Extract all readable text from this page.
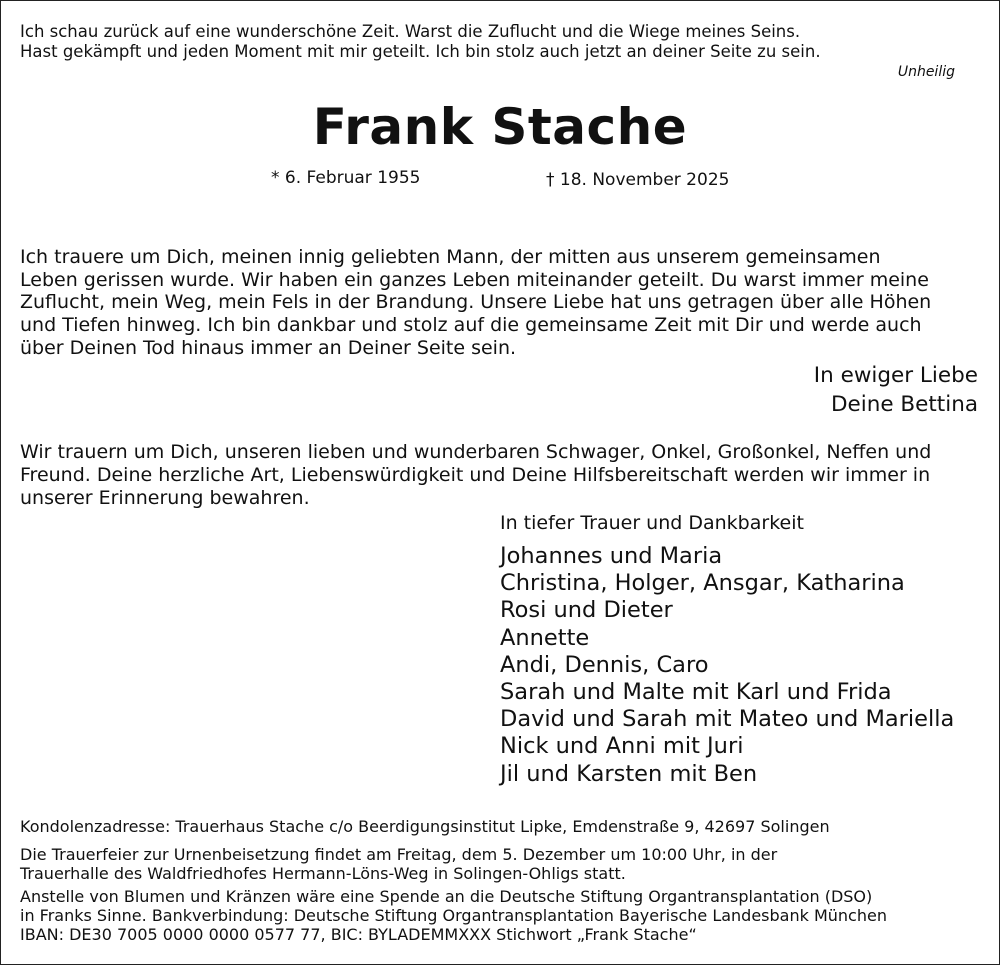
Ich schau zurück auf eine wunderschöne Zeit. Warst die Zuflucht und die Wiege meines Seins.
Hast gekämpft und jeden Moment mit mir geteilt. Ich bin stolz auch jetzt an deiner Seite zu sein.
Unheilig
Frank Stache
* 6. Februar 1955	† 18. November 2025
Ich trauere um Dich, meinen innig geliebten Mann, der mitten aus unserem gemeinsamen
Leben gerissen wurde. Wir haben ein ganzes Leben miteinander geteilt. Du warst immer meine
Zuflucht, mein Weg, mein Fels in der Brandung. Unsere Liebe hat uns getragen über alle Höhen
und Tiefen hinweg. Ich bin dankbar und stolz auf die gemeinsame Zeit mit Dir und werde auch
über Deinen Tod hinaus immer an Deiner Seite sein.
In ewiger Liebe
Deine Bettina
Wir trauern um Dich, unseren lieben und wunderbaren Schwager, Onkel, Großonkel, Neffen und
Freund. Deine herzliche Art, Liebenswürdigkeit und Deine Hilfsbereitschaft werden wir immer in
unserer Erinnerung bewahren.
In tiefer Trauer und Dankbarkeit
Johannes und Maria
Christina, Holger, Ansgar, Katharina
Rosi und Dieter
Annette
Andi, Dennis, Caro
Sarah und Malte mit Karl und Frida
David und Sarah mit Mateo und Mariella
Nick und Anni mit Juri
Jil und Karsten mit Ben
Kondolenzadresse: Trauerhaus Stache c/o Beerdigungsinstitut Lipke, Emdenstraße 9, 42697 Solingen
Die Trauerfeier zur Urnenbeisetzung findet am Freitag, dem 5. Dezember um 10:00 Uhr, in der
Trauerhalle des Waldfriedhofes Hermann-Löns-Weg in Solingen-Ohligs statt.
Anstelle von Blumen und Kränzen wäre eine Spende an die Deutsche Stiftung Organtransplantation (DSO)
in Franks Sinne. Bankverbindung: Deutsche Stiftung Organtransplantation Bayerische Landesbank München
IBAN: DE30 7005 0000 0000 0577 77, BIC: BYLADEMMXXX Stichwort „Frank Stache“
